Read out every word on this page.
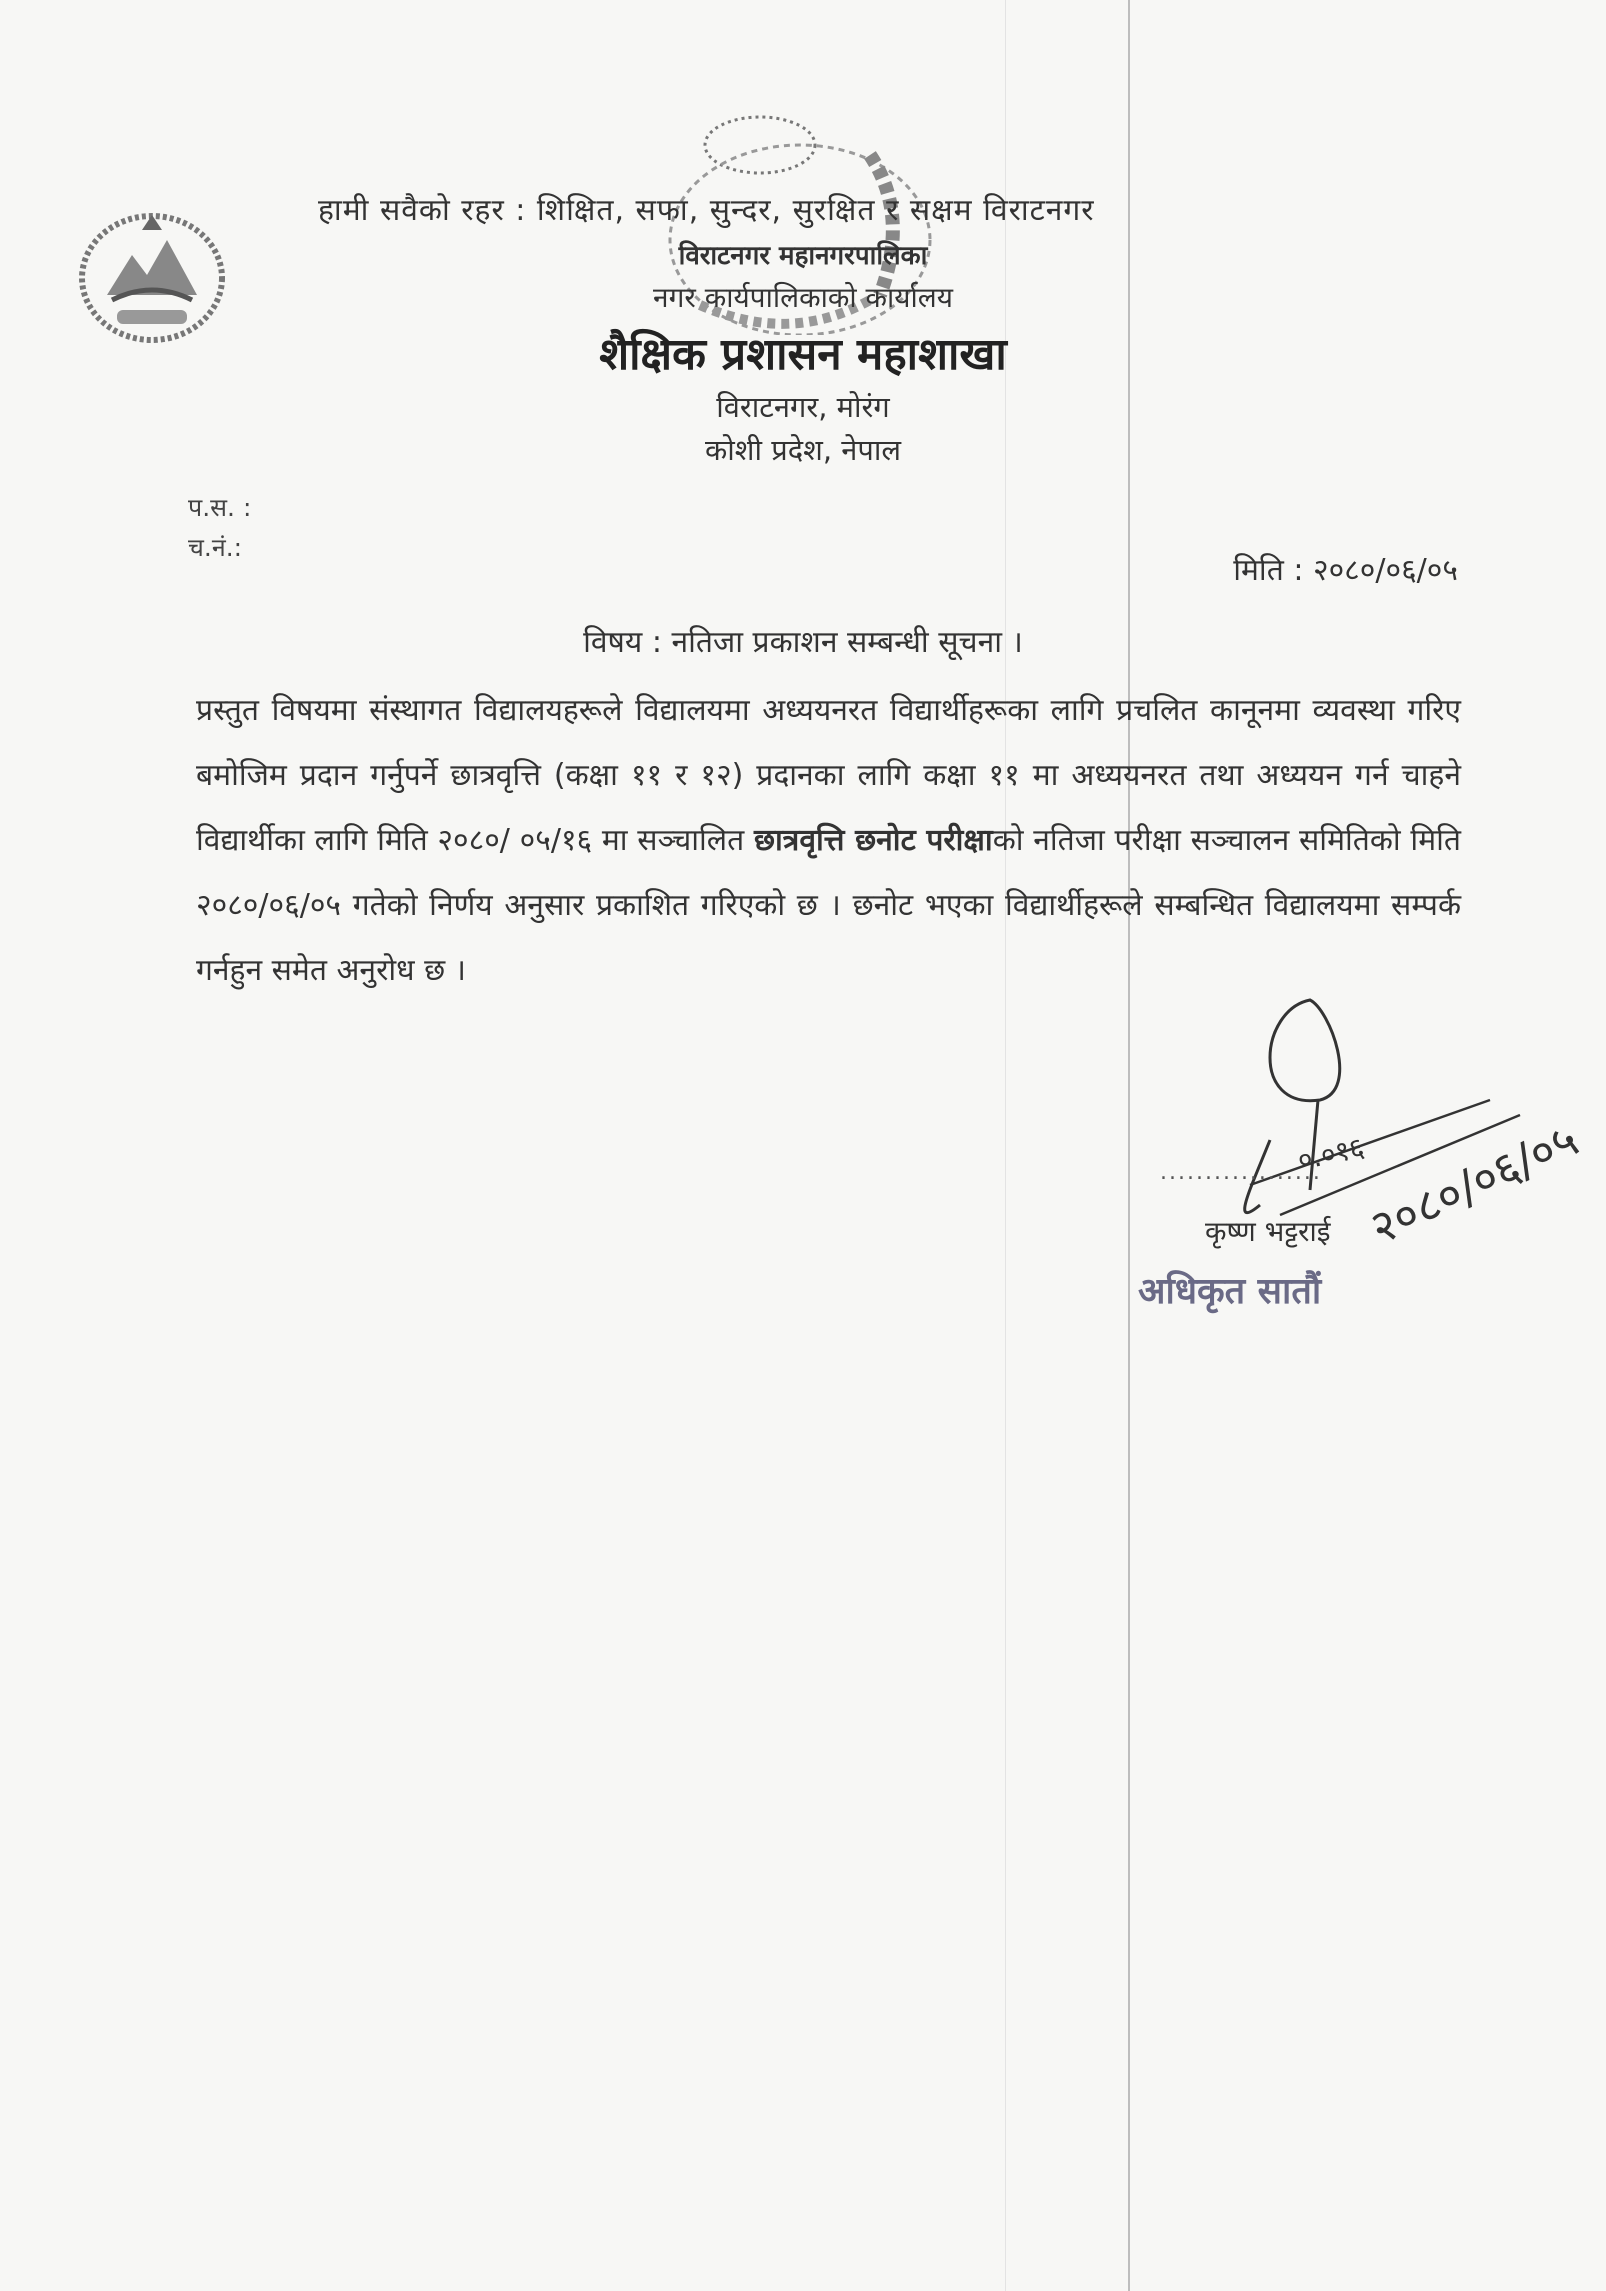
हामी सवैको रहर : शिक्षित, सफा, सुन्दर, सुरक्षित र सक्षम विराटनगर
विराटनगर महानगरपालिका
नगर कार्यपालिकाको कार्यालय
शैक्षिक प्रशासन महाशाखा
विराटनगर, मोरंग
कोशी प्रदेश, नेपाल
प.स. :
च.नं.:
मिति : २०८०/०६/०५
विषय : नतिजा प्रकाशन सम्बन्धी सूचना ।
प्रस्तुत विषयमा संस्थागत विद्यालयहरूले विद्यालयमा अध्ययनरत विद्यार्थीहरूका लागि प्रचलित कानूनमा व्यवस्था गरिए बमोजिम प्रदान गर्नुपर्ने छात्रवृत्ति (कक्षा ११ र १२) प्रदानका लागि कक्षा ११ मा अध्ययनरत तथा अध्ययन गर्न चाहने विद्यार्थीका लागि मिति २०८०/ ०५/१६ मा सञ्चालित छात्रवृत्ति छनोट परीक्षाको नतिजा परीक्षा सञ्चालन समितिको मिति २०८०/०६/०५ गतेको निर्णय अनुसार प्रकाशित गरिएको छ । छनोट भएका विद्यार्थीहरूले सम्बन्धित विद्यालयमा सम्पर्क गर्नहुन समेत अनुरोध छ ।
०.०१६
२०८०/०६/०५
..................
कृष्ण भट्टराई
अधिकृत सातौं
